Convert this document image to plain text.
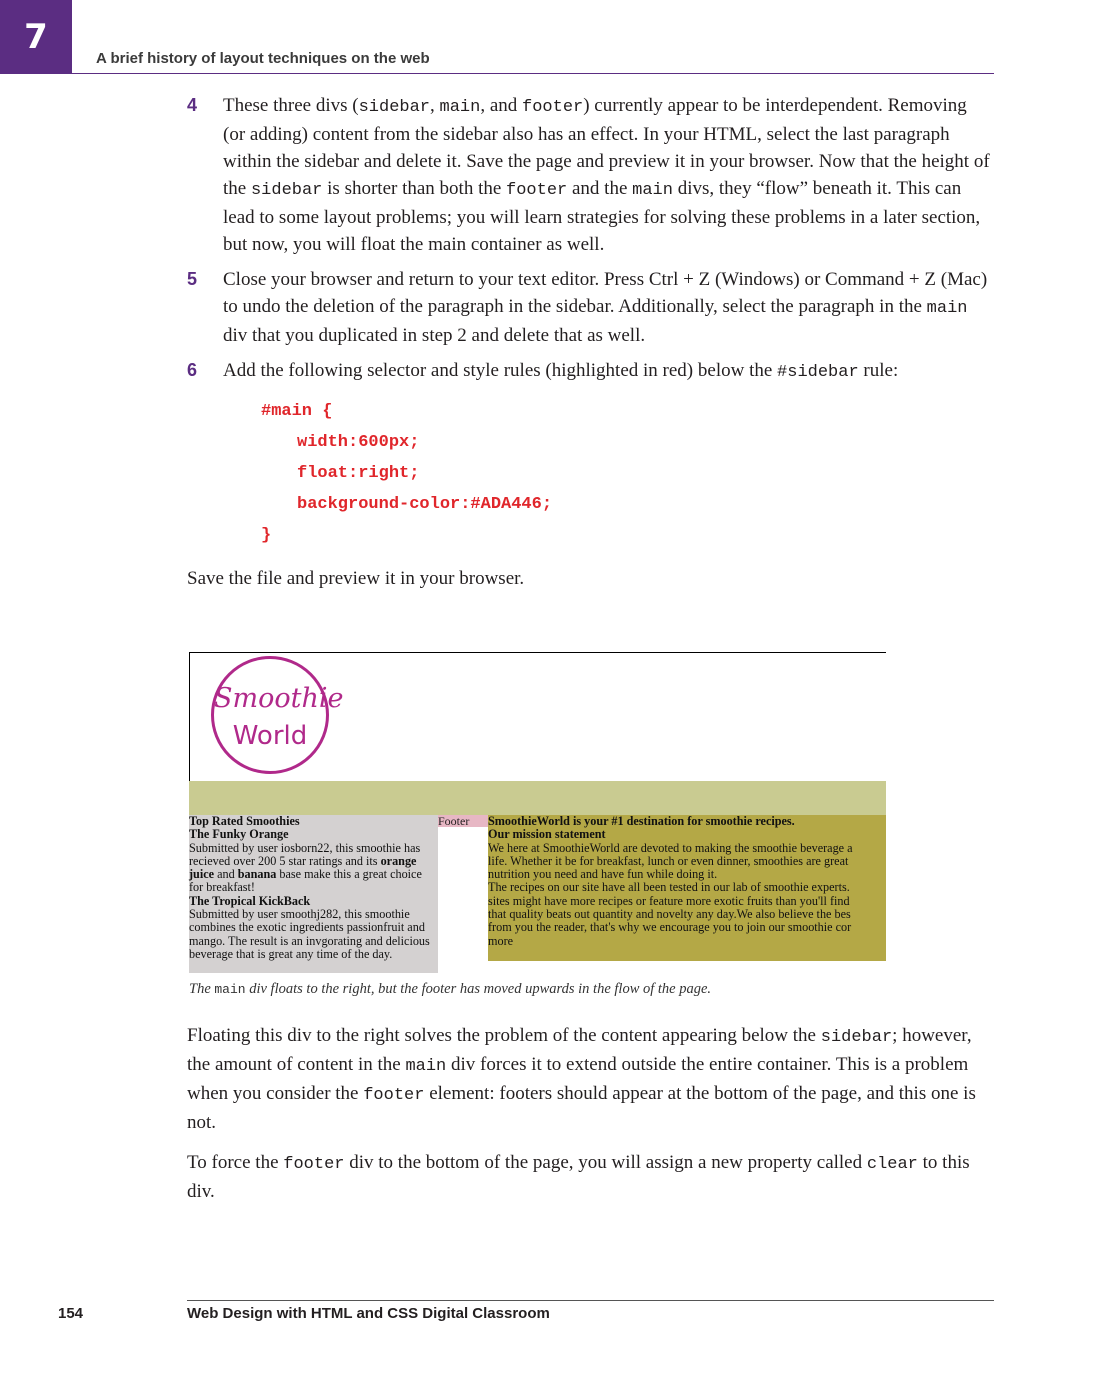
7
A brief history of layout techniques on the web
4 These three divs (sidebar, main, and footer) currently appear to be interdependent. Removing (or adding) content from the sidebar also has an effect. In your HTML, select the last paragraph within the sidebar and delete it. Save the page and preview it in your browser. Now that the height of the sidebar is shorter than both the footer and the main divs, they “flow” beneath it. This can lead to some layout problems; you will learn strategies for solving these problems in a later section, but now, you will float the main container as well.
5 Close your browser and return to your text editor. Press Ctrl + Z (Windows) or Command + Z (Mac) to undo the deletion of the paragraph in the sidebar. Additionally, select the paragraph in the main div that you duplicated in step 2 and delete that as well.
6 Add the following selector and style rules (highlighted in red) below the #sidebar rule:
#main {
width:600px;
float:right;
background-color:#ADA446;
}

Save the file and preview it in your browser.

Smoothie
World
Top Rated Smoothies
The Funky Orange
Submitted by user iosborn22, this smoothie has recieved over 200 5 star ratings and its orange juice and banana base make this a great choice for breakfast!
The Tropical KickBack
Submitted by user smoothj282, this smoothie combines the exotic ingredients passionfruit and mango. The result is an invgorating and delicious beverage that is great any time of the day.
Footer	SmoothieWorld is your #1 destination for smoothie recipes.
Our mission statement
We here at SmoothieWorld are devoted to making the smoothie beverage a
life. Whether it be for breakfast, lunch or even dinner, smoothies are great
nutrition you need and have fun while doing it.
The recipes on our site have all been tested in our lab of smoothie experts.
sites might have more recipes or feature more exotic fruits than you'll find
that quality beats out quantity and novelty any day.We also believe the bes
from you the reader, that's why we encourage you to join our smoothie cor
more
The main div floats to the right, but the footer has moved upwards in the flow of the page.

Floating this div to the right solves the problem of the content appearing below the sidebar; however, the amount of content in the main div forces it to extend outside the entire container. This is a problem when you consider the footer element: footers should appear at the bottom of the page, and this one is not.

To force the footer div to the bottom of the page, you will assign a new property called clear to this div.

154	Web Design with HTML and CSS Digital Classroom
